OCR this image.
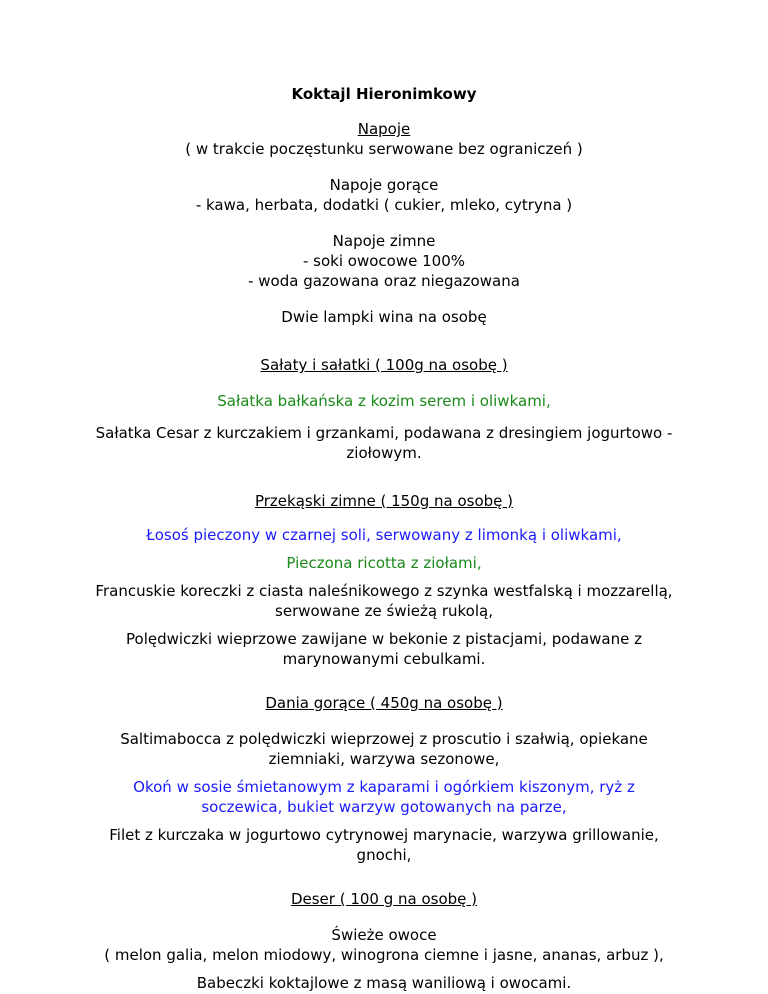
Koktajl Hieronimkowy

Napoje

( w trakcie poczęstunku serwowane bez ograniczeń )

Napoje gorące

- kawa, herbata, dodatki ( cukier, mleko, cytryna )

Napoje zimne

- soki owocowe 100%

- woda gazowana oraz niegazowana

Dwie lampki wina na osobę

Sałaty i sałatki ( 100g na osobę )

Sałatka bałkańska z kozim serem i oliwkami,

Sałatka Cesar z kurczakiem i grzankami, podawana z dresingiem jogurtowo -

ziołowym.

Przekąski zimne ( 150g na osobę )

Łosoś pieczony w czarnej soli, serwowany z limonką i oliwkami,

Pieczona ricotta z ziołami,

Francuskie koreczki z ciasta naleśnikowego z szynka westfalską i mozzarellą,

serwowane ze świeżą rukolą,

Polędwiczki wieprzowe zawijane w bekonie z pistacjami, podawane z

marynowanymi cebulkami.

Dania gorące ( 450g na osobę )

Saltimabocca z polędwiczki wieprzowej z proscutio i szałwią, opiekane

ziemniaki, warzywa sezonowe,

Okoń w sosie śmietanowym z kaparami i ogórkiem kiszonym, ryż z

soczewica, bukiet warzyw gotowanych na parze,

Filet z kurczaka w jogurtowo cytrynowej marynacie, warzywa grillowanie,

gnochi,

Deser ( 100 g na osobę )

Świeże owoce

( melon galia, melon miodowy, winogrona ciemne i jasne, ananas, arbuz ),

Babeczki koktajlowe z masą waniliową i owocami.
